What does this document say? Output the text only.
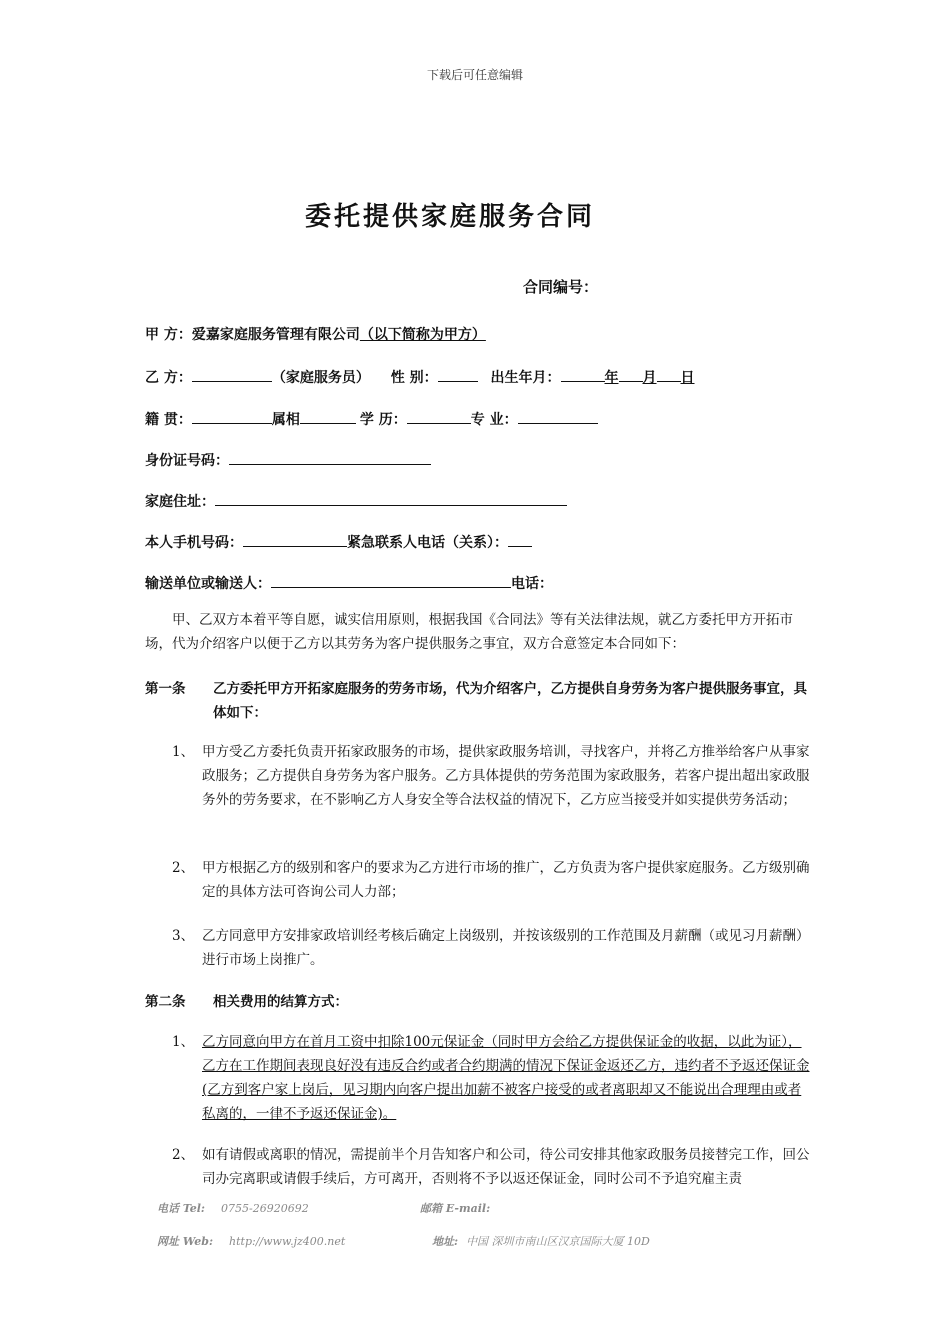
下载后可任意编辑
委托提供家庭服务合同
合同编号：
甲 方：爱嘉家庭服务管理有限公司（以下简称为甲方）
乙 方：	（家庭服务员） 性 别：	出生年月：	年 月 日
籍 贯：	属相	学 历：	专 业：
身份证号码：
家庭住址：
本人手机号码：	紧急联系人电话（关系）：
输送单位或输送人：	电话：
甲、乙双方本着平等自愿，诚实信用原则，根据我国《合同法》等有关法律法规，就乙方委托甲方开拓市场，代为介绍客户以便于乙方以其劳务为客户提供服务之事宜，双方合意签定本合同如下：
第一条 乙方委托甲方开拓家庭服务的劳务市场，代为介绍客户，乙方提供自身劳务为客户提供服务事宜，具体如下：
1、 甲方受乙方委托负责开拓家政服务的市场，提供家政服务培训，寻找客户，并将乙方推举给客户从事家政服务；乙方提供自身劳务为客户服务。乙方具体提供的劳务范围为家政服务，若客户提出超出家政服务外的劳务要求，在不影响乙方人身安全等合法权益的情况下，乙方应当接受并如实提供劳务活动；
2、 甲方根据乙方的级别和客户的要求为乙方进行市场的推广，乙方负责为客户提供家庭服务。乙方级别确定的具体方法可咨询公司人力部；
3、 乙方同意甲方安排家政培训经考核后确定上岗级别，并按该级别的工作范围及月薪酬（或见习月薪酬）进行市场上岗推广。
第二条 相关费用的结算方式：
1、 乙方同意向甲方在首月工资中扣除100元保证金（同时甲方会给乙方提供保证金的收据，以此为证），乙方在工作期间表现良好没有违反合约或者合约期满的情况下保证金返还乙方，违约者不予返还保证金(乙方到客户家上岗后，见习期内向客户提出加薪不被客户接受的或者离职却又不能说出合理理由或者私离的，一律不予返还保证金)。
2、 如有请假或离职的情况，需提前半个月告知客户和公司，待公司安排其他家政服务员接替完工作，回公司办完离职或请假手续后，方可离开，否则将不予以返还保证金，同时公司不予追究雇主责
电话 Tel: 0755-26920692	邮箱 E-mail:
网址 Web: http://www.jz400.net	地址: 中国 深圳市南山区汉京国际大厦 10D
